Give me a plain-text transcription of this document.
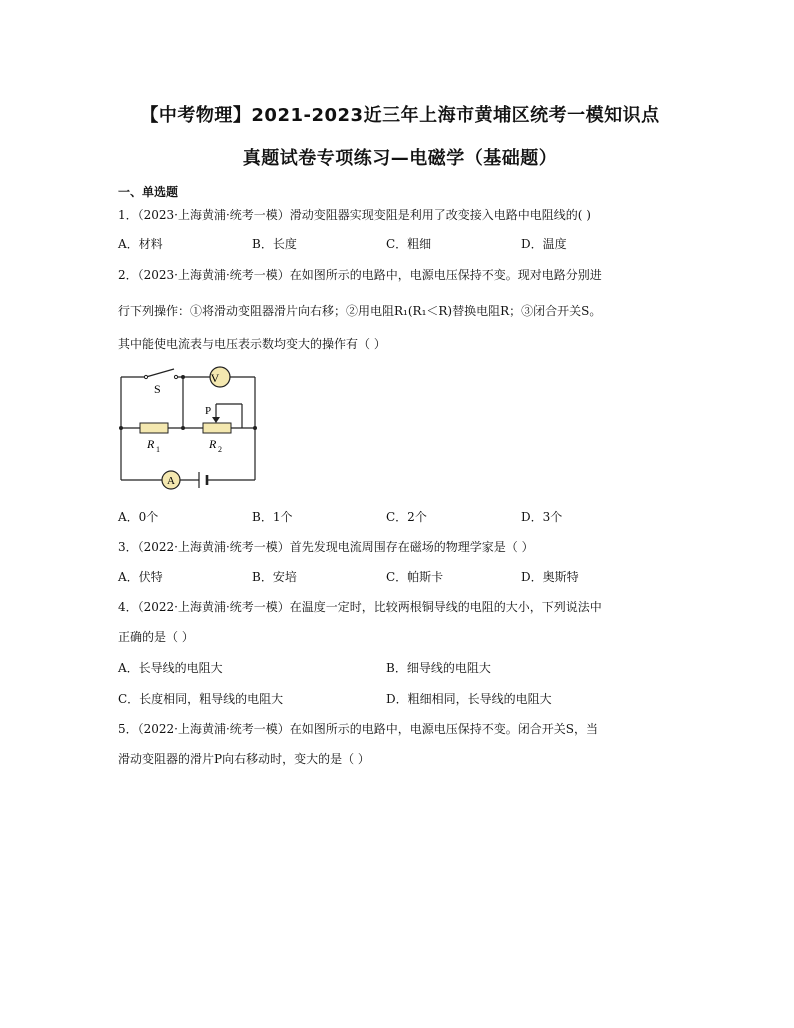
【中考物理】2021-2023近三年上海市黄埔区统考一模知识点
真题试卷专项练习—电磁学（基础题）
一、单选题
1．（2023·上海黄浦·统考一模）滑动变阻器实现变阻是利用了改变接入电路中电阻线的( )
A．材料	B．长度	C．粗细	D．温度
2．（2023·上海黄浦·统考一模）在如图所示的电路中，电源电压保持不变。现对电路分别进
行下列操作：①将滑动变阻器滑片向右移；②用电阻R₁(R₁＜R)替换电阻R；③闭合开关S。
其中能使电流表与电压表示数均变大的操作有（ ）
S
V
P
R 1	R 2
A
A．0个	B．1个	C．2个	D．3个
3．（2022·上海黄浦·统考一模）首先发现电流周围存在磁场的物理学家是（ ）
A．伏特	B．安培	C．帕斯卡	D．奥斯特
4．（2022·上海黄浦·统考一模）在温度一定时，比较两根铜导线的电阻的大小，下列说法中
正确的是（ ）
A．长导线的电阻大	B．细导线的电阻大
C．长度相同，粗导线的电阻大	D．粗细相同，长导线的电阻大
5．（2022·上海黄浦·统考一模）在如图所示的电路中，电源电压保持不变。闭合开关S，当
滑动变阻器的滑片P向右移动时，变大的是（ ）
